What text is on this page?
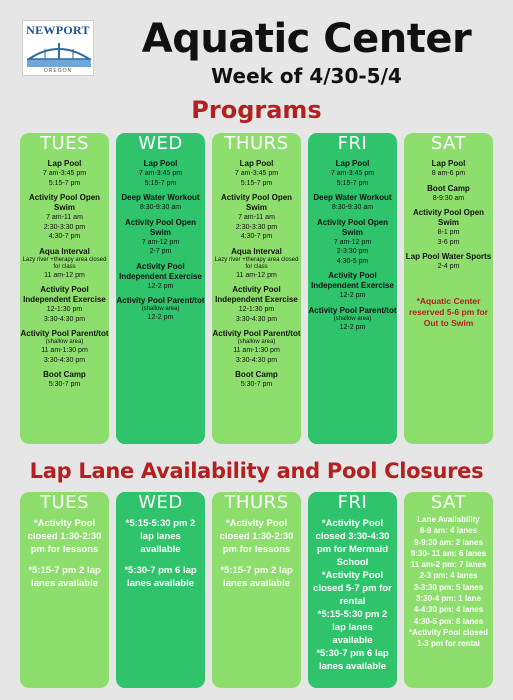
NEWPORT
OREGON
Aquatic Center
Week of 4/30-5/4
Programs
TUES
Lap Pool
7 am-3:45 pm
5:15-7 pm
Activity Pool Open Swim
7 am-11 am
2:30-3:30 pm
4:30-7 pm
Aqua Interval
Lazy river +therapy area closed for class
11 am-12 pm
Activity Pool Independent Exercise
12-1:30 pm
3:30-4:30 pm
Activity Pool Parent/tot
(shallow area)
11 am-1:30 pm
3:30-4:30 pm
Boot Camp
5:30-7 pm
WED
Lap Pool
7 am-3:45 pm
5:15-7 pm
Deep Water Workout
8:30-9:30 am
Activity Pool Open Swim
7 am-12 pm
2-7 pm
Activity Pool Independent Exercise
12-2 pm
Activity Pool Parent/tot
(shallow area)
12-2 pm
THURS
Lap Pool
7 am-3:45 pm
5:15-7 pm
Activity Pool Open Swim
7 am-11 am
2:30-3:30 pm
4:30-7 pm
Aqua Interval
Lazy river +therapy area closed for class
11 am-12 pm
Activity Pool Independent Exercise
12-1:30 pm
3:30-4:30 pm
Activity Pool Parent/tot
(shallow area)
11 am-1:30 pm
3:30-4:30 pm
Boot Camp
5:30-7 pm
FRI
Lap Pool
7 am-3:45 pm
5:15-7 pm
Deep Water Workout
8:30-9:30 am
Activity Pool Open Swim
7 am-12 pm
2-3:30 pm
4:30-5 pm
Activity Pool Independent Exercise
12-2 pm
Activity Pool Parent/tot
(shallow area)
12-2 pm
SAT
Lap Pool
8 am-6 pm
Boot Camp
8-9:30 am
Activity Pool Open Swim
8-1 pm
3-6 pm
Lap Pool Water Sports
2-4 pm
*Aquatic Center reserved 5-6 pm for Out to Swim
Lap Lane Availability and Pool Closures
TUES
*Activity Pool closed 1:30-2:30 pm for lessons
*5:15-7 pm 2 lap lanes available
WED
*5:15-5:30 pm 2 lap lanes available
*5:30-7 pm 6 lap lanes available
THURS
*Activity Pool closed 1:30-2:30 pm for lessons
*5:15-7 pm 2 lap lanes available
FRI
*Activity Pool closed 3:30-4:30 pm for Mermaid School
*Activity Pool closed 5-7 pm for rental
*5:15-5:30 pm 2 lap lanes available
*5:30-7 pm 6 lap lanes available
SAT
Lane Availability
8-9 am: 4 lanes
9-9:30 am: 2 lanes
9:30- 11 am: 6 lanes
11 am-2 pm: 7 lanes
2-3 pm: 4 lanes
3-3:30 pm: 5 lanes
3:30-4 pm: 1 lane
4-4:30 pm: 4 lanes
4:30-5 pm: 8 lanes
*Activity Pool closed 1-3 pm for rental
